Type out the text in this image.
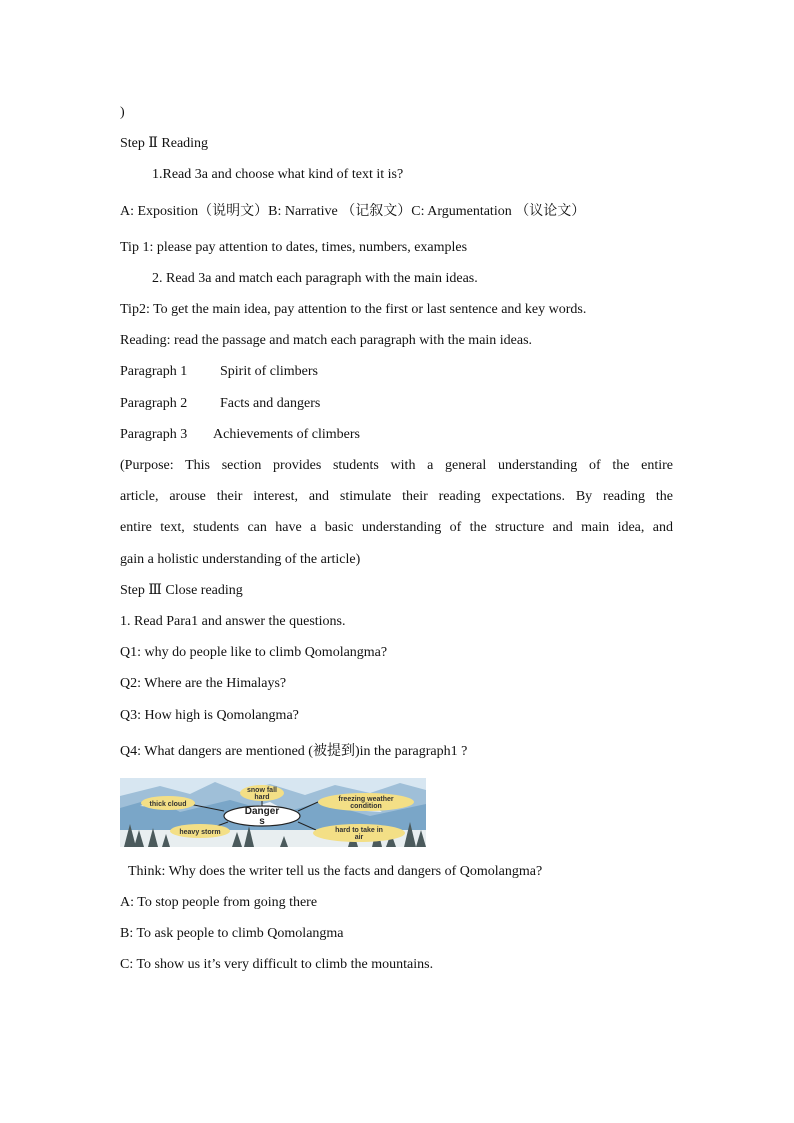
)
Step Ⅱ Reading
1.Read 3a and choose what kind of text it is?
A: Exposition（说明文）B: Narrative （记叙文）C: Argumentation （议论文）
Tip 1: please pay attention to dates, times, numbers, examples
2. Read 3a and match each paragraph with the main ideas.
Tip2: To get the main idea, pay attention to the first or last sentence and key words.
Reading: read the passage and match each paragraph with the main ideas.
Paragraph 1 Spirit of climbers
Paragraph 2 Facts and dangers
Paragraph 3 Achievements of climbers
(Purpose: This section provides students with a general understanding of the entire
article, arouse their interest, and stimulate their reading expectations. By reading the
entire text, students can have a basic understanding of the structure and main idea, and
gain a holistic understanding of the article)
Step Ⅲ Close reading
1. Read Para1 and answer the questions.
Q1: why do people like to climb Qomolangma?
Q2: Where are the Himalays?
Q3: How high is Qomolangma?
Q4: What dangers are mentioned (被提到)in the paragraph1 ?
snow fall
hard
thick cloud
freezing weather
condition
heavy storm	hard to take in
air
Danger
s
Think: Why does the writer tell us the facts and dangers of Qomolangma?
A: To stop people from going there
B: To ask people to climb Qomolangma
C: To show us it’s very difficult to climb the mountains.
